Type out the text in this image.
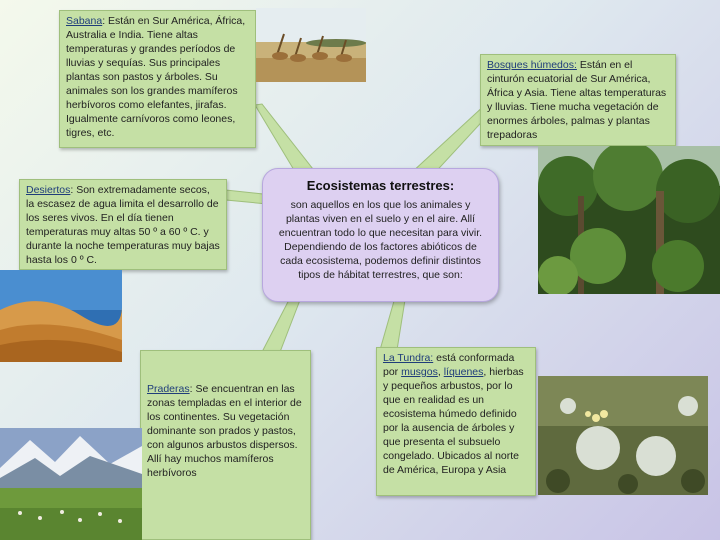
Sabana: Están en Sur América, África, Australia e India. Tiene altas temperaturas y grandes períodos de lluvias y sequías. Sus principales plantas son pastos y árboles. Su animales son los grandes mamíferos herbívoros como elefantes, jirafas. Igualmente carnívoros como leones, tigres, etc.
Bosques húmedos: Están en el cinturón ecuatorial de Sur América, África y Asia. Tiene altas temperaturas y lluvias. Tiene mucha vegetación de enormes árboles, palmas y plantas trepadoras
Desiertos: Son extremadamente secos, la escasez de agua limita el desarrollo de los seres vivos. En el día tienen temperaturas muy altas 50 º a 60 º C. y durante la noche temperaturas muy bajas hasta los 0 º C.
Ecosistemas terrestres:
son aquellos en los que los animales y plantas viven en el suelo y en el aire. Allí encuentran todo lo que necesitan para vivir.
Dependiendo de los factores abióticos de cada ecosistema, podemos definir distintos tipos de hábitat terrestres, que son:
Praderas: Se encuentran en las zonas templadas en el interior de los continentes. Su vegetación dominante son prados y pastos, con algunos arbustos dispersos. Allí hay muchos mamíferos herbívoros
La Tundra: está conformada por musgos, líquenes, hierbas y pequeños arbustos, por lo que en realidad es un ecosistema húmedo definido por la ausencia de árboles y que presenta el subsuelo congelado. Ubicados al norte de América, Europa y Asia
